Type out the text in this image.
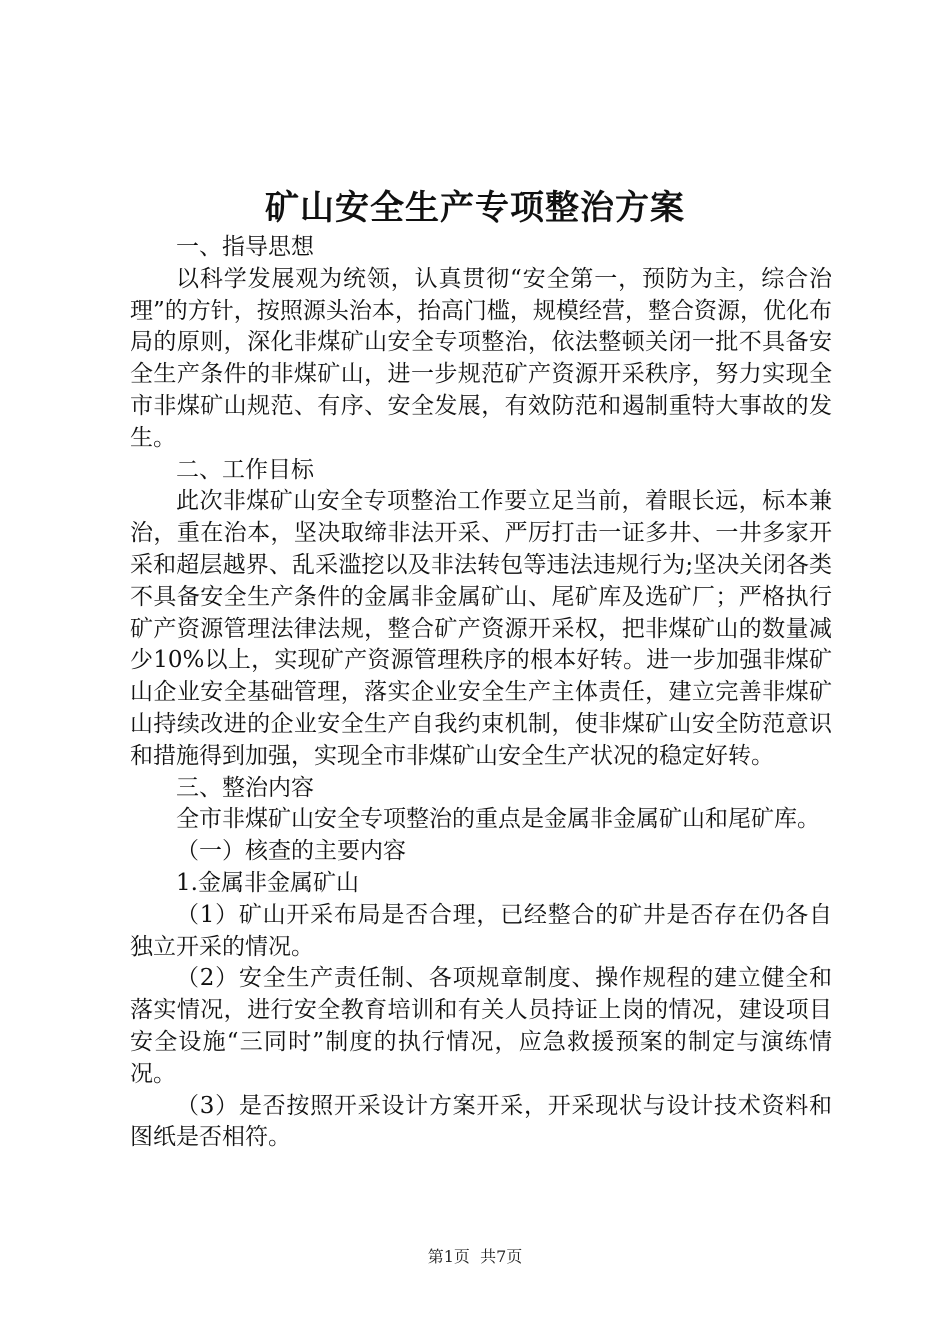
矿山安全生产专项整治方案

一、指导思想

以科学发展观为统领，认真贯彻“安全第一，预防为主，综合治理”的方针，按照源头治本，抬高门槛，规模经营，整合资源，优化布局的原则，深化非煤矿山安全专项整治，依法整顿关闭一批不具备安全生产条件的非煤矿山，进一步规范矿产资源开采秩序，努力实现全市非煤矿山规范、有序、安全发展，有效防范和遏制重特大事故的发生。

二、工作目标

此次非煤矿山安全专项整治工作要立足当前，着眼长远，标本兼治，重在治本，坚决取缔非法开采、严厉打击一证多井、一井多家开采和超层越界、乱采滥挖以及非法转包等违法违规行为;坚决关闭各类不具备安全生产条件的金属非金属矿山、尾矿库及选矿厂；严格执行矿产资源管理法律法规，整合矿产资源开采权，把非煤矿山的数量减少10%以上，实现矿产资源管理秩序的根本好转。进一步加强非煤矿山企业安全基础管理，落实企业安全生产主体责任，建立完善非煤矿山持续改进的企业安全生产自我约束机制，使非煤矿山安全防范意识和措施得到加强，实现全市非煤矿山安全生产状况的稳定好转。

三、整治内容

全市非煤矿山安全专项整治的重点是金属非金属矿山和尾矿库。

（一）核查的主要内容

1.金属非金属矿山

（1）矿山开采布局是否合理，已经整合的矿井是否存在仍各自独立开采的情况。

（2）安全生产责任制、各项规章制度、操作规程的建立健全和落实情况，进行安全教育培训和有关人员持证上岗的情况，建设项目安全设施“三同时”制度的执行情况，应急救援预案的制定与演练情况。

（3）是否按照开采设计方案开采，开采现状与设计技术资料和图纸是否相符。

第1页  共7页
